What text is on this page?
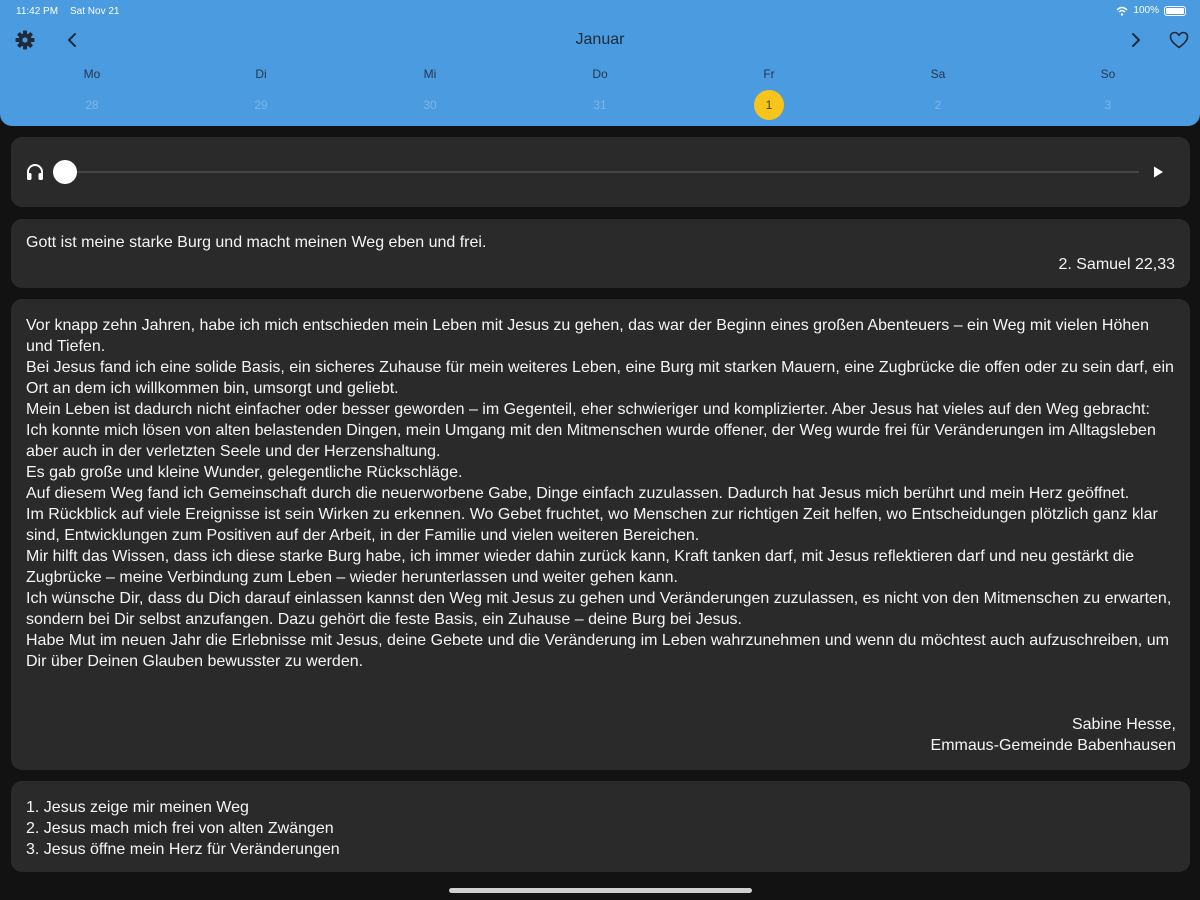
11:42 PM Sat Nov 21	100%
Januar
Mo
28
Di
29
Mi
30
Do
31
Fr
1
Sa
2
So
3
Gott ist meine starke Burg und macht meinen Weg eben und frei.
2. Samuel 22,33

Vor knapp zehn Jahren, habe ich mich entschieden mein Leben mit Jesus zu gehen, das war der Beginn eines großen Abenteuers – ein Weg mit vielen Höhen und Tiefen.

Bei Jesus fand ich eine solide Basis, ein sicheres Zuhause für mein weiteres Leben, eine Burg mit starken Mauern, eine Zugbrücke die offen oder zu sein darf, ein Ort an dem ich willkommen bin, umsorgt und geliebt.

Mein Leben ist dadurch nicht einfacher oder besser geworden – im Gegenteil, eher schwieriger und komplizierter. Aber Jesus hat vieles auf den Weg gebracht:

Ich konnte mich lösen von alten belastenden Dingen, mein Umgang mit den Mitmenschen wurde offener, der Weg wurde frei für Veränderungen im Alltagsleben aber auch in der verletzten Seele und der Herzenshaltung.

Es gab große und kleine Wunder, gelegentliche Rückschläge.

Auf diesem Weg fand ich Gemeinschaft durch die neuerworbene Gabe, Dinge einfach zuzulassen. Dadurch hat Jesus mich berührt und mein Herz geöffnet.

Im Rückblick auf viele Ereignisse ist sein Wirken zu erkennen. Wo Gebet fruchtet, wo Menschen zur richtigen Zeit helfen, wo Entscheidungen plötzlich ganz klar sind, Entwicklungen zum Positiven auf der Arbeit, in der Familie und vielen weiteren Bereichen.

Mir hilft das Wissen, dass ich diese starke Burg habe, ich immer wieder dahin zurück kann, Kraft tanken darf, mit Jesus reflektieren darf und neu gestärkt die Zugbrücke – meine Verbindung zum Leben – wieder herunterlassen und weiter gehen kann.

Ich wünsche Dir, dass du Dich darauf einlassen kannst den Weg mit Jesus zu gehen und Veränderungen zuzulassen, es nicht von den Mitmenschen zu erwarten, sondern bei Dir selbst anzufangen. Dazu gehört die feste Basis, ein Zuhause – deine Burg bei Jesus.

Habe Mut im neuen Jahr die Erlebnisse mit Jesus, deine Gebete und die Veränderung im Leben wahrzunehmen und wenn du möchtest auch aufzuschreiben, um Dir über Deinen Glauben bewusster zu werden.

Sabine Hesse,
Emmaus-Gemeinde Babenhausen
1. Jesus zeige mir meinen Weg
2. Jesus mach mich frei von alten Zwängen
3. Jesus öffne mein Herz für Veränderungen
